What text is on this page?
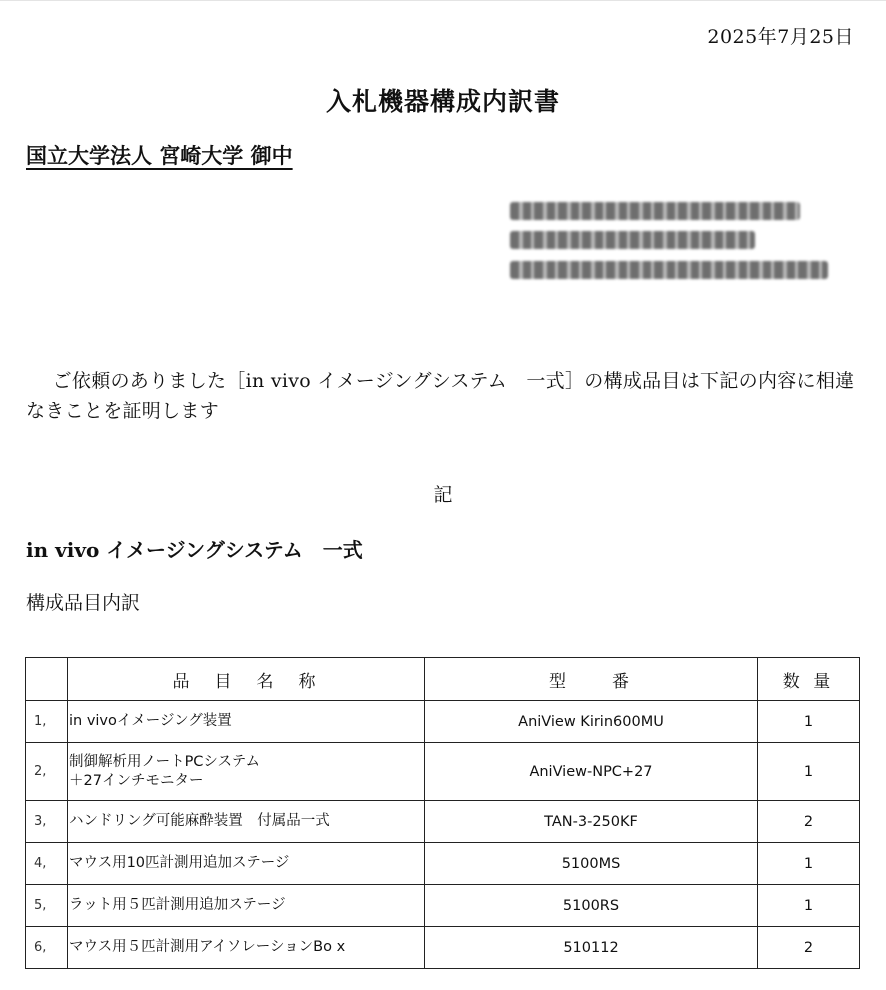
2025年7月25日
入札機器構成内訳書
国立大学法人 宮崎大学 御中
ご依頼のありました［in vivo イメージングシステム　一式］の構成品目は下記の内容に相違なきことを証明します
記
in vivo イメージングシステム　一式
構成品目内訳
	品　目　名　称	型　　番	数 量
1,	in vivoイメージング装置	AniView Kirin600MU	1
2,	制御解析用ノートPCシステム
＋27インチモニター	AniView-NPC+27	1
3,	ハンドリング可能麻酔装置　付属品一式	TAN-3-250KF	2
4,	マウス用10匹計測用追加ステージ	5100MS	1
5,	ラット用５匹計測用追加ステージ	5100RS	1
6,	マウス用５匹計測用アイソレーションBo x	510112	2
